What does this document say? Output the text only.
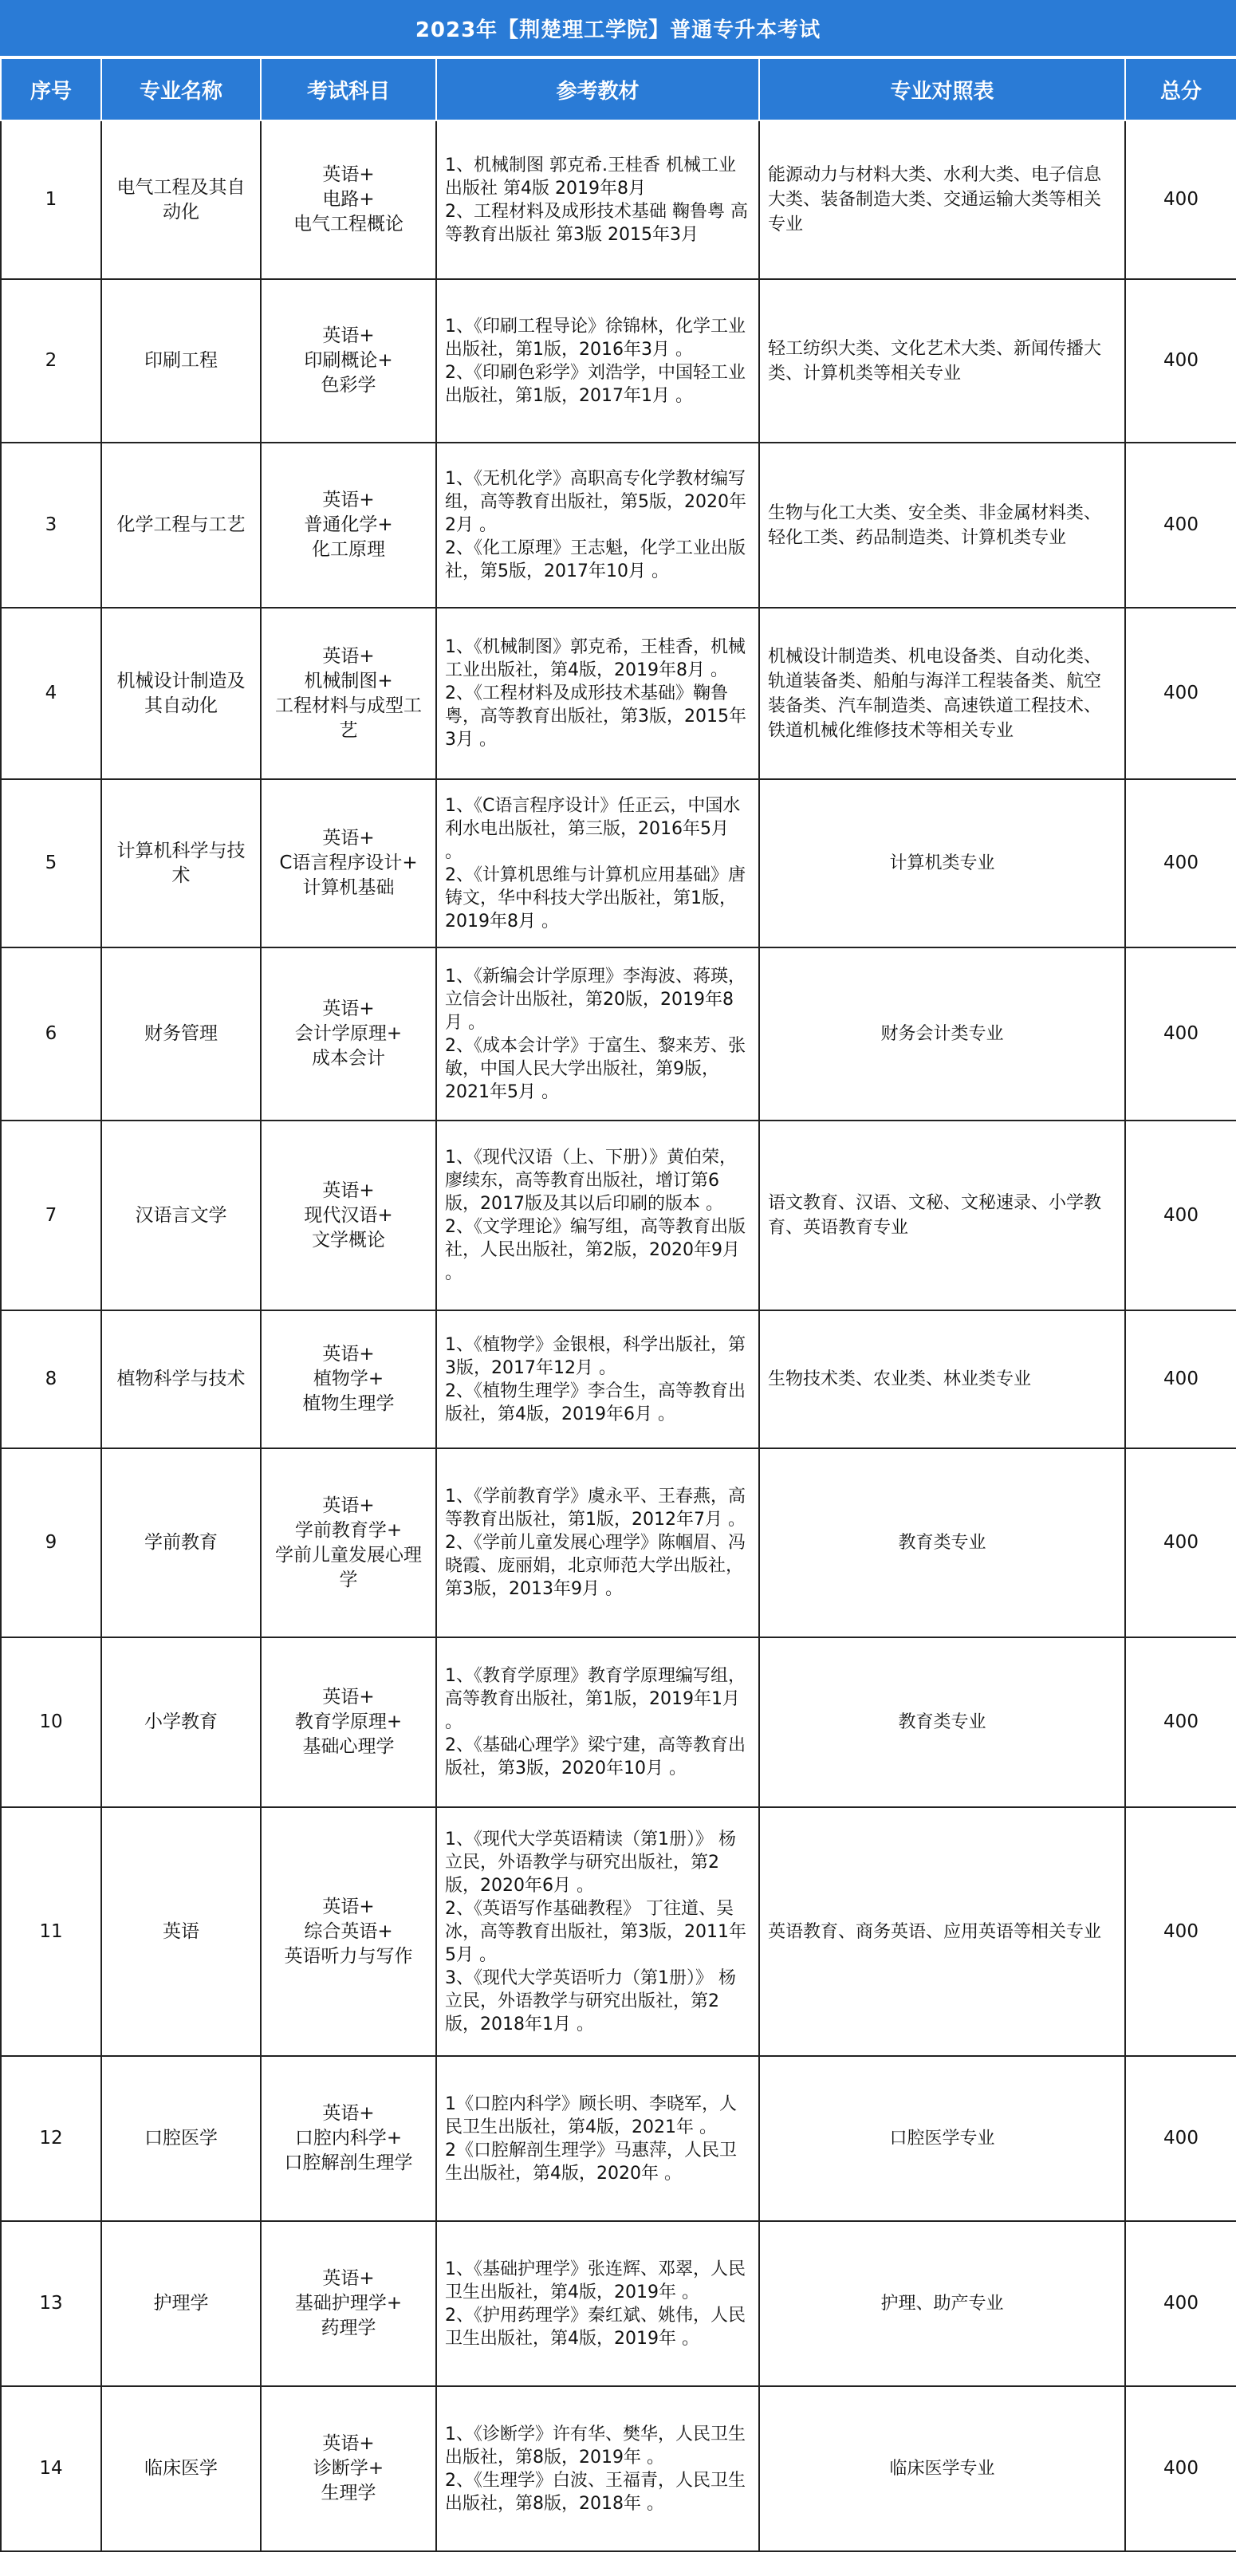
2023年【荆楚理工学院】普通专升本考试
序号	专业名称	考试科目	参考教材	专业对照表	总分
1	电气工程及其自动化	英语+
电路+
电气工程概论	1、机械制图 郭克希.王桂香 机械工业出版社 第4版 2019年8月
2、工程材料及成形技术基础 鞠鲁粤 高等教育出版社 第3版 2015年3月	能源动力与材料大类、水利大类、电子信息大类、装备制造大类、交通运输大类等相关专业	400
2	印刷工程	英语+
印刷概论+
色彩学	1、《印刷工程导论》徐锦林，化学工业出版社，第1版，2016年3月 。
2、《印刷色彩学》刘浩学，中国轻工业出版社，第1版，2017年1月 。	轻工纺织大类、文化艺术大类、新闻传播大类、计算机类等相关专业	400
3	化学工程与工艺	英语+
普通化学+
化工原理	1、《无机化学》高职高专化学教材编写组，高等教育出版社，第5版，2020年2月 。
2、《化工原理》王志魁，化学工业出版社，第5版，2017年10月 。	生物与化工大类、安全类、非金属材料类、轻化工类、药品制造类、计算机类专业	400
4	机械设计制造及其自动化	英语+
机械制图+
工程材料与成型工艺	1、《机械制图》郭克希，王桂香，机械工业出版社，第4版，2019年8月 。
2、《工程材料及成形技术基础》鞠鲁粤，高等教育出版社，第3版，2015年3月 。	机械设计制造类、机电设备类、自动化类、轨道装备类、船舶与海洋工程装备类、航空装备类、汽车制造类、高速铁道工程技术、铁道机械化维修技术等相关专业	400
5	计算机科学与技术	英语+
C语言程序设计+
计算机基础	1、《C语言程序设计》任正云，中国水利水电出版社，第三版，2016年5月 。
2、《计算机思维与计算机应用基础》唐铸文，华中科技大学出版社，第1版，2019年8月 。	计算机类专业	400
6	财务管理	英语+
会计学原理+
成本会计	1、《新编会计学原理》李海波、蒋瑛，立信会计出版社，第20版，2019年8月 。
2、《成本会计学》于富生、黎来芳、张敏，中国人民大学出版社，第9版，2021年5月 。	财务会计类专业	400
7	汉语言文学	英语+
现代汉语+
文学概论	1、《现代汉语（上、下册）》黄伯荣，廖续东，高等教育出版社，增订第6版，2017版及其以后印刷的版本 。
2、《文学理论》编写组，高等教育出版社，人民出版社，第2版，2020年9月 。	语文教育、汉语、文秘、文秘速录、小学教育、英语教育专业	400
8	植物科学与技术	英语+
植物学+
植物生理学	1、《植物学》金银根，科学出版社，第3版，2017年12月 。
2、《植物生理学》李合生，高等教育出版社，第4版，2019年6月 。	生物技术类、农业类、林业类专业	400
9	学前教育	英语+
学前教育学+
学前儿童发展心理学	1、《学前教育学》虞永平、王春燕，高等教育出版社，第1版，2012年7月 。
2、《学前儿童发展心理学》陈帼眉、冯晓霞、庞丽娟，北京师范大学出版社，第3版，2013年9月 。	教育类专业	400
10	小学教育	英语+
教育学原理+
基础心理学	1、《教育学原理》教育学原理编写组，高等教育出版社，第1版，2019年1月 。
2、《基础心理学》梁宁建，高等教育出版社，第3版，2020年10月 。	教育类专业	400
11	英语	英语+
综合英语+
英语听力与写作	1、《现代大学英语精读（第1册）》 杨立民，外语教学与研究出版社，第2版，2020年6月 。
2、《英语写作基础教程》 丁往道、吴冰，高等教育出版社，第3版，2011年5月 。
3、《现代大学英语听力（第1册）》 杨立民，外语教学与研究出版社，第2版，2018年1月 。	英语教育、商务英语、应用英语等相关专业	400
12	口腔医学	英语+
口腔内科学+
口腔解剖生理学	1《口腔内科学》顾长明、李晓军，人民卫生出版社，第4版，2021年 。
2《口腔解剖生理学》马惠萍，人民卫生出版社，第4版，2020年 。	口腔医学专业	400
13	护理学	英语+
基础护理学+
药理学	1、《基础护理学》张连辉、邓翠，人民卫生出版社，第4版，2019年 。
2、《护用药理学》秦红斌、姚伟，人民卫生出版社，第4版，2019年 。	护理、助产专业	400
14	临床医学	英语+
诊断学+
生理学	1、《诊断学》许有华、樊华，人民卫生出版社，第8版，2019年 。
2、《生理学》白波、王福青，人民卫生出版社，第8版，2018年 。	临床医学专业	400
